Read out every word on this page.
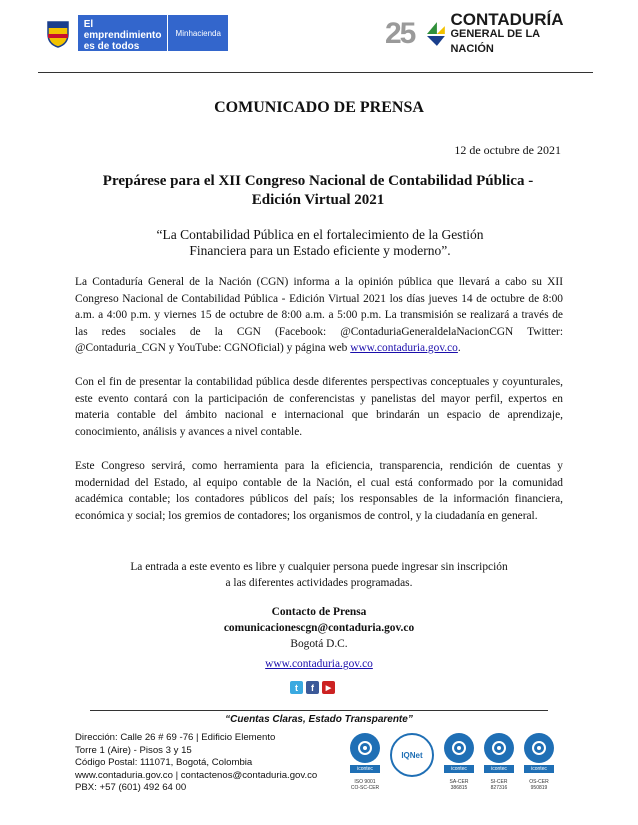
El emprendimiento es de todos
Minhacienda	25	CONTADURÍA
GENERAL DE LA NACIÓN
COMUNICADO DE PRENSA
12 de octubre de 2021
Prepárese para el XII Congreso Nacional de Contabilidad Pública -
Edición Virtual 2021
“La Contabilidad Pública en el fortalecimiento de la Gestión
Financiera para un Estado eficiente y moderno”.
La Contaduría General de la Nación (CGN) informa a la opinión pública que llevará a cabo su XII Congreso Nacional de Contabilidad Pública - Edición Virtual 2021 los días jueves 14 de octubre de 8:00 a.m. a 4:00 p.m. y viernes 15 de octubre de 8:00 a.m. a 5:00 p.m. La transmisión se realizará a través de las redes sociales de la CGN (Facebook: @ContaduriaGeneraldelaNacionCGN Twitter: @Contaduria_CGN y YouTube: CGNOficial) y página web www.contaduria.gov.co.
Con el fin de presentar la contabilidad pública desde diferentes perspectivas conceptuales y coyunturales, este evento contará con la participación de conferencistas y panelistas del mayor perfil, expertos en materia contable del ámbito nacional e internacional que brindarán un espacio de aprendizaje, conocimiento, análisis y avances a nivel contable.
Este Congreso servirá, como herramienta para la eficiencia, transparencia, rendición de cuentas y modernidad del Estado, al equipo contable de la Nación, el cual está conformado por la comunidad académica contable; los contadores públicos del país; los responsables de la información financiera, económica y social; los gremios de contadores; los organismos de control, y la ciudadanía en general.
La entrada a este evento es libre y cualquier persona puede ingresar sin inscripción
a las diferentes actividades programadas.
Contacto de Prensa
comunicacionescgn@contaduria.gov.co
Bogotá D.C.
www.contaduria.gov.co
t	f	▶
“Cuentas Claras, Estado Transparente”
Dirección: Calle 26 # 69 -76 | Edificio Elemento
Torre 1 (Aire) - Pisos 3 y 15
Código Postal: 111071, Bogotá, Colombia
www.contaduria.gov.co | contactenos@contaduria.gov.co
PBX: +57 (601) 492 64 00
icontec
ISO 9001
CO-SC-CER
IQNet
icontec
SA-CER
386815
icontec
SI-CER
827316
icontec
OS-CER
950819
